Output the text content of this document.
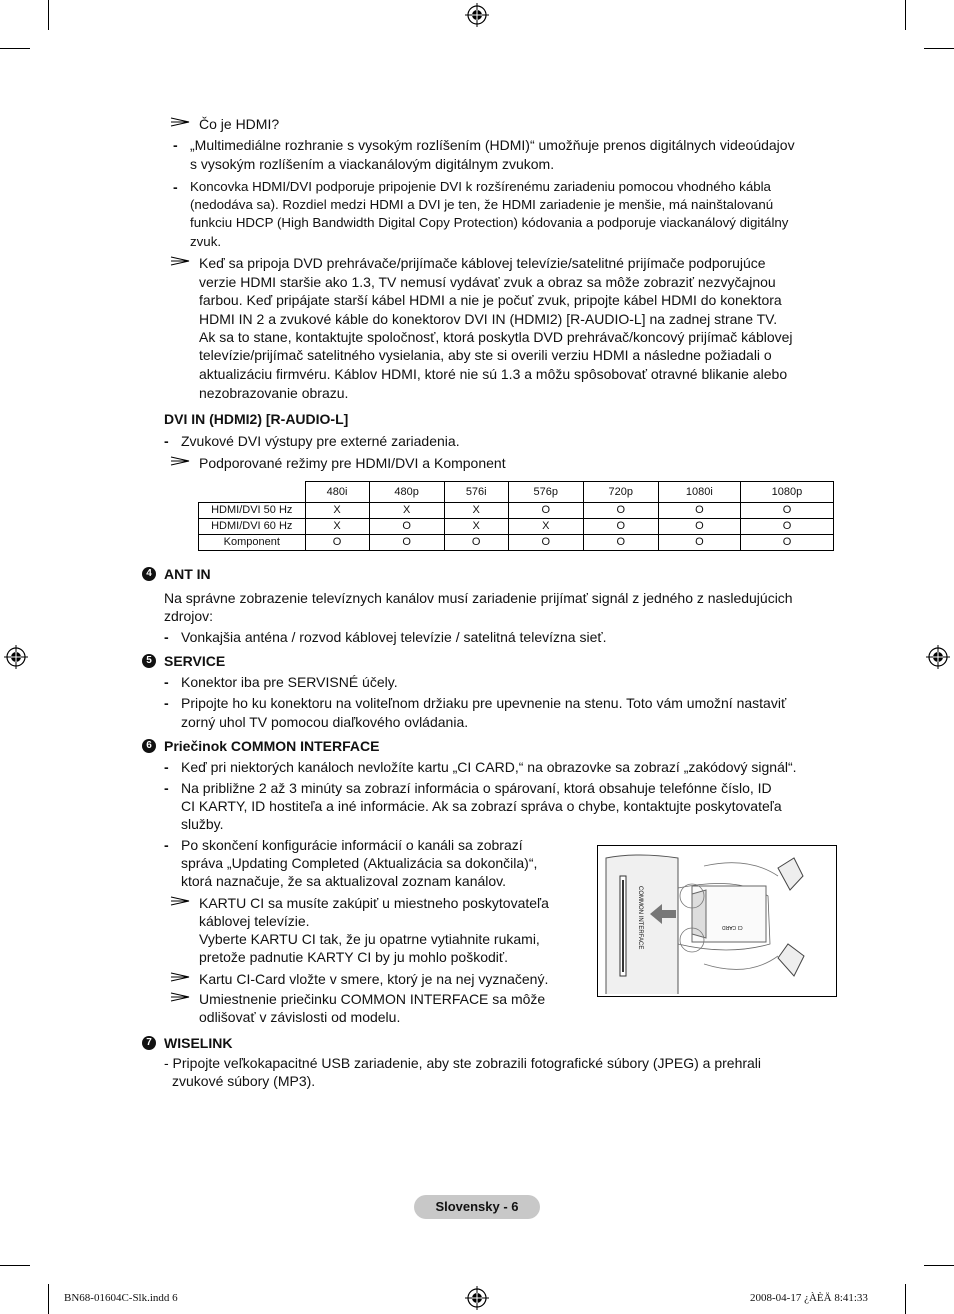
Čo je HDMI?
- „Multimediálne rozhranie s vysokým rozlíšením (HDMI)“ umožňuje prenos digitálnych videoúdajov
s vysokým rozlíšením a viackanálovým digitálnym zvukom.
- Koncovka HDMI/DVI podporuje pripojenie DVI k rozšírenému zariadeniu pomocou vhodného kábla
(nedodáva sa). Rozdiel medzi HDMI a DVI je ten, že HDMI zariadenie je menšie, má nainštalovanú
funkciu HDCP (High Bandwidth Digital Copy Protection) kódovania a podporuje viackanálový digitálny
zvuk.
Keď sa pripoja DVD prehrávače/prijímače káblovej televízie/satelitné prijímače podporujúce
verzie HDMI staršie ako 1.3, TV nemusí vydávať zvuk a obraz sa môže zobraziť nezvyčajnou
farbou. Keď pripájate starší kábel HDMI a nie je počuť zvuk, pripojte kábel HDMI do konektora
HDMI IN 2 a zvukové káble do konektorov DVI IN (HDMI2) [R-AUDIO-L] na zadnej strane TV.
Ak sa to stane, kontaktujte spoločnosť, ktorá poskytla DVD prehrávač/koncový prijímač káblovej
televízie/prijímač satelitného vysielania, aby ste si overili verziu HDMI a následne požiadali o
aktualizáciu firmvéru. Káblov HDMI, ktoré nie sú 1.3 a môžu spôsobovať otravné blikanie alebo
nezobrazovanie obrazu.
DVI IN (HDMI2) [R-AUDIO-L]
- Zvukové DVI výstupy pre externé zariadenia.
Podporované režimy pre HDMI/DVI a Komponent
	480i	480p	576i	576p	720p	1080i	1080p
HDMI/DVI 50 Hz	X	X	X	O	O	O	O
HDMI/DVI 60 Hz	X	O	X	X	O	O	O
Komponent	O	O	O	O	O	O	O
4 ANT IN
Na správne zobrazenie televíznych kanálov musí zariadenie prijímať signál z jedného z nasledujúcich
zdrojov:
- Vonkajšia anténa / rozvod káblovej televízie / satelitná televízna sieť.
5 SERVICE
- Konektor iba pre SERVISNÉ účely.
- Pripojte ho ku konektoru na voliteľnom držiaku pre upevnenie na stenu. Toto vám umožní nastaviť
zorný uhol TV pomocou diaľkového ovládania.
6 Priečinok COMMON INTERFACE
- Keď pri niektorých kanáloch nevložíte kartu „CI CARD,“ na obrazovke sa zobrazí „zakódový signál“.
- Na približne 2 až 3 minúty sa zobrazí informácia o spárovaní, ktorá obsahuje telefónne číslo, ID
CI KARTY, ID hostiteľa a iné informácie. Ak sa zobrazí správa o chybe, kontaktujte poskytovateľa
služby.
- Po skončení konfigurácie informácií o kanáli sa zobrazí
správa „Updating Completed (Aktualizácia sa dokončila)“,
ktorá naznačuje, že sa aktualizoval zoznam kanálov.
KARTU CI sa musíte zakúpiť u miestneho poskytovateľa
káblovej televízie.
Vyberte KARTU CI tak, že ju opatrne vytiahnite rukami,
pretože padnutie KARTY CI by ju mohlo poškodiť.
Kartu CI-Card vložte v smere, ktorý je na nej vyznačený.
Umiestnenie priečinku COMMON INTERFACE sa môže
odlišovať v závislosti od modelu.
COMMON INTERFACE	CI CARD
7 WISELINK
- Pripojte veľkokapacitné USB zariadenie, aby ste zobrazili fotografické súbory (JPEG) a prehrali
zvukové súbory (MP3).
Slovensky - 6
BN68-01604C-Slk.indd 6	2008-04-17 ¿ÀÈÄ 8:41:33
